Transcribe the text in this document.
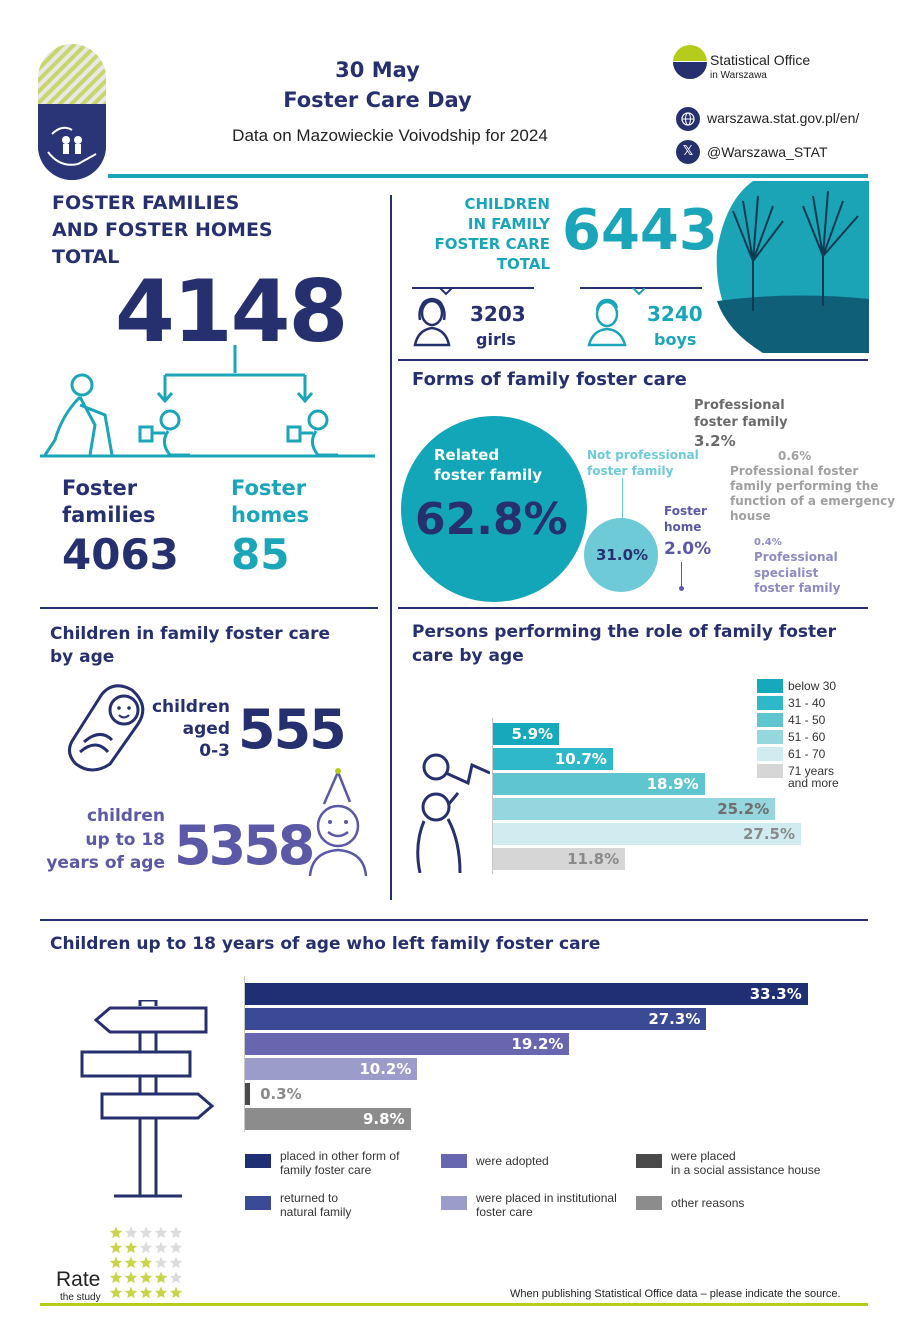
30 May
Foster Care Day
Data on Mazowieckie Voivodship for 2024
Statistical Office
in Warszawa
warszawa.stat.gov.pl/en/
𝕏 @Warszawa_STAT
FOSTER FAMILIES
AND FOSTER HOMES
TOTAL
4148
Foster
families
4063
Foster
homes
85
CHILDREN
IN FAMILY
FOSTER CARE
TOTAL
6443
3203
girls
3240
boys
Forms of family foster care
Related
foster family
62.8%
31.0%
Not professional
foster family
Foster
home
2.0%
Professional
foster family
3.2%
0.6%
Professional foster
family performing the
function of a emergency
house
0.4%
Professional
specialist
foster family
Children in family foster care
by age
children
aged
0-3 555
children
up to 18
years of age 5358
Persons performing the role of family foster
care by age
5.9%
10.7%
18.9%
25.2%
27.5%
11.8%
below 30
31 - 40
41 - 50
51 - 60
61 - 70
71 years
and more
Children up to 18 years of age who left family foster care
33.3%
27.3%
19.2%
10.2%
0.3%
9.8%
placed in other form of
family foster care
were adopted	were placed
in a social assistance house
returned to
natural family
were placed in institutional
foster care
other reasons
Rate
the study	When publishing Statistical Office data – please indicate the source.
